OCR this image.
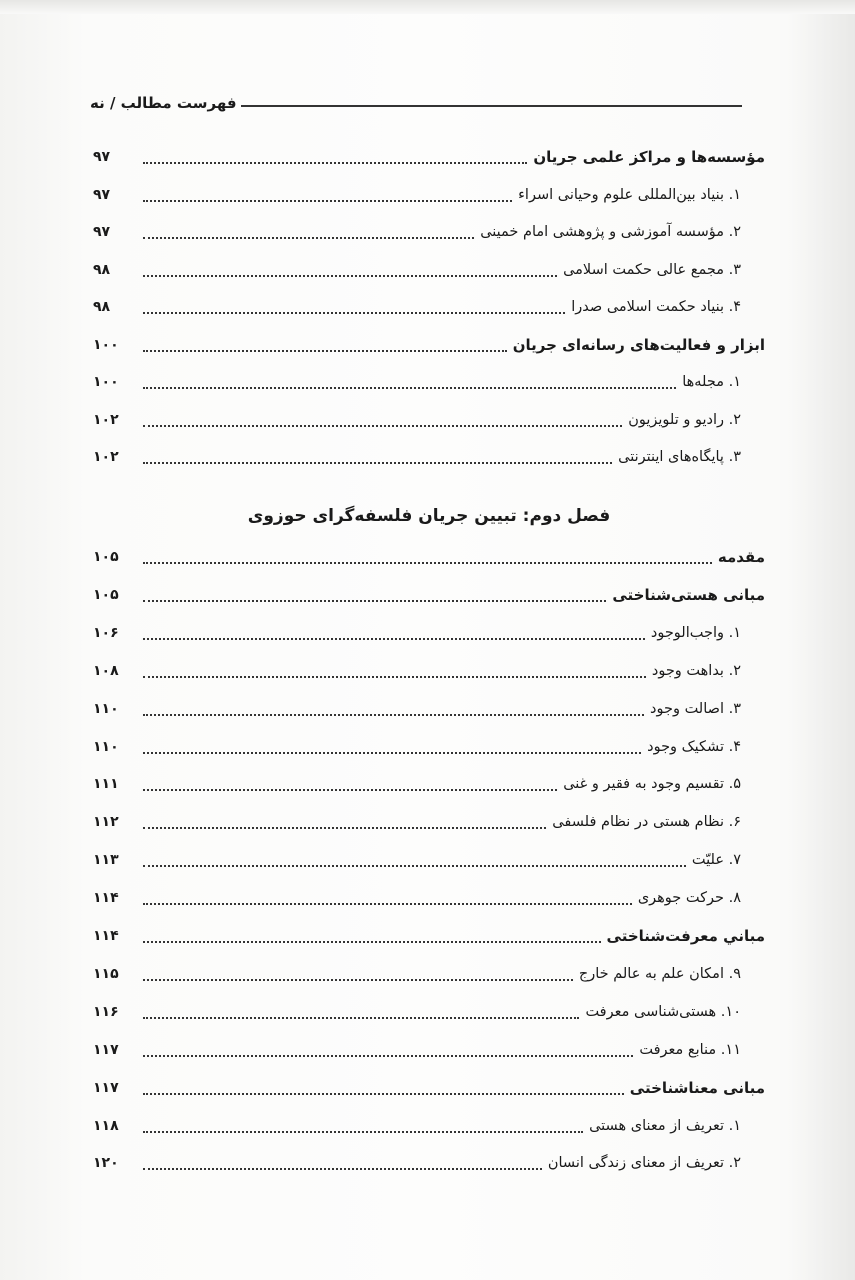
فهرست مطالب / نه
مؤسسه‌ها و مراکز علمی جریان
۹۷
۱. بنیاد بین‌المللی علوم وحیانی اسراء
۹۷
۲. مؤسسه آموزشی و پژوهشی امام خمینی
۹۷
۳. مجمع عالی حکمت اسلامی
۹۸
۴. بنیاد حکمت اسلامی صدرا
۹۸
ابزار و فعالیت‌های رسانه‌ای جریان
۱۰۰
۱. مجله‌ها
۱۰۰
۲. رادیو و تلویزیون
۱۰۲
۳. پایگاه‌های اینترنتی
۱۰۲
فصل دوم: تبیین جریان فلسفه‌گرای حوزوی
مقدمه
۱۰۵
مبانی هستی‌شناختی
۱۰۵
۱. واجب‌الوجود
۱۰۶
۲. بداهت وجود
۱۰۸
۳. اصالت وجود
۱۱۰
۴. تشکیک وجود
۱۱۰
۵. تقسیم وجود به فقیر و غنی
۱۱۱
۶. نظام هستی در نظام فلسفی
۱۱۲
۷. علیّت
۱۱۳
۸. حرکت جوهری
۱۱۴
مباني معرفت‌شناختی
۱۱۴
۹. امکان علم به عالم خارج
۱۱۵
۱۰. هستی‌شناسی معرفت
۱۱۶
۱۱. منابع معرفت
۱۱۷
مبانی معناشناختی
۱۱۷
۱. تعریف از معنای هستی
۱۱۸
۲. تعریف از معنای زندگی انسان
۱۲۰
